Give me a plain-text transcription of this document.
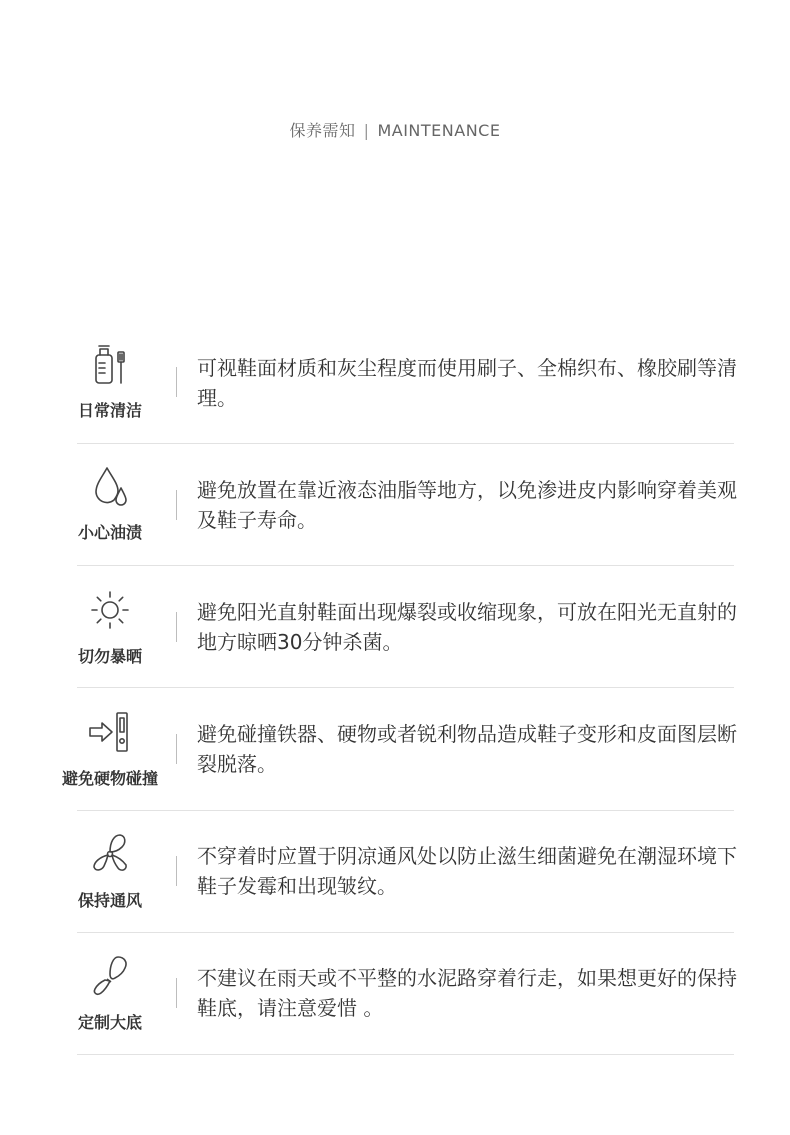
保养需知 | MAINTENANCE
日常清洁
可视鞋面材质和灰尘程度而使用刷子、全棉织布、橡胶刷等清理。
小心油渍
避免放置在靠近液态油脂等地方，以免渗进皮内影响穿着美观及鞋子寿命。
切勿暴晒
避免阳光直射鞋面出现爆裂或收缩现象，可放在阳光无直射的地方晾晒30分钟杀菌。
避免硬物碰撞
避免碰撞铁器、硬物或者锐利物品造成鞋子变形和皮面图层断裂脱落。
保持通风
不穿着时应置于阴凉通风处以防止滋生细菌避免在潮湿环境下鞋子发霉和出现皱纹。
定制大底
不建议在雨天或不平整的水泥路穿着行走，如果想更好的保持鞋底，请注意爱惜 。
